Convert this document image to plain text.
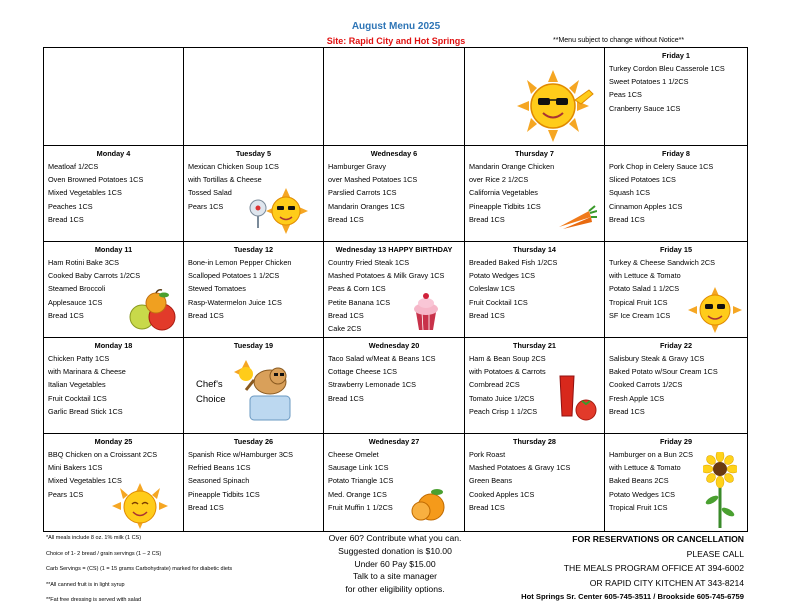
August Menu 2025
Site: Rapid City and Hot Springs	**Menu subject to change without Notice**
Friday 1
Turkey Cordon Bleu Casserole 1CS
Sweet Potatoes 1 1/2CS
Peas 1CS
Cranberry Sauce 1CS
Monday 4
Meatloaf 1/2CS
Oven Browned Potatoes 1CS
Mixed Vegetables 1CS
Peaches 1CS
Bread 1CS
Tuesday 5
Mexican Chicken Soup 1CS
with Tortillas & Cheese
Tossed Salad
Pears 1CS
Wednesday 6
Hamburger Gravy
over Mashed Potatoes 1CS
Parslied Carrots 1CS
Mandarin Oranges 1CS
Bread 1CS
Thursday 7
Mandarin Orange Chicken
over Rice 2 1/2CS
California Vegetables
Pineapple Tidbits 1CS
Bread 1CS
Friday 8
Pork Chop in Celery Sauce 1CS
Sliced Potatoes 1CS
Squash 1CS
Cinnamon Apples 1CS
Bread 1CS
Monday 11
Ham Rotini Bake 3CS
Cooked Baby Carrots 1/2CS
Steamed Broccoli
Applesauce 1CS
Bread 1CS
Tuesday 12
Bone-in Lemon Pepper Chicken
Scalloped Potatoes 1 1/2CS
Stewed Tomatoes
Rasp-Watermelon Juice 1CS
Bread 1CS
Wednesday 13 HAPPY BIRTHDAY
Country Fried Steak 1CS
Mashed Potatoes & Milk Gravy 1CS
Peas & Corn 1CS
Petite Banana 1CS
Bread 1CS
Cake 2CS
Thursday 14
Breaded Baked Fish 1/2CS
Potato Wedges 1CS
Coleslaw 1CS
Fruit Cocktail 1CS
Bread 1CS
Friday 15
Turkey & Cheese Sandwich 2CS
with Lettuce & Tomato
Potato Salad 1 1/2CS
Tropical Fruit 1CS
SF Ice Cream 1CS
Monday 18
Chicken Patty 1CS
with Marinara & Cheese
Italian Vegetables
Fruit Cocktail 1CS
Garlic Bread Stick 1CS
Tuesday 19	Wednesday 20
Taco Salad w/Meat & Beans 1CS
Cottage Cheese 1CS
Strawberry Lemonade 1CS
Bread 1CS
Thursday 21
Ham & Bean Soup 2CS
with Potatoes & Carrots
Cornbread 2CS
Tomato Juice 1/2CS
Peach Crisp 1 1/2CS
Friday 22
Salisbury Steak & Gravy 1CS
Baked Potato w/Sour Cream 1CS
Cooked Carrots 1/2CS
Fresh Apple 1CS
Bread 1CS
Monday 25
BBQ Chicken on a Croissant 2CS
Mini Bakers 1CS
Mixed Vegetables 1CS
Pears 1CS
Tuesday 26
Spanish Rice w/Hamburger 3CS
Refried Beans 1CS
Seasoned Spinach
Pineapple Tidbits 1CS
Bread 1CS
Wednesday 27
Cheese Omelet
Sausage Link 1CS
Potato Triangle 1CS
Med. Orange 1CS
Fruit Muffin 1 1/2CS
Thursday 28
Pork Roast
Mashed Potatoes & Gravy 1CS
Green Beans
Cooked Apples 1CS
Bread 1CS
Friday 29
Hamburger on a Bun 2CS
with Lettuce & Tomato
Baked Beans 2CS
Potato Wedges 1CS
Tropical Fruit 1CS
Chef's
Choice
*All meals include 8 oz. 1% milk (1 CS)
Choice of 1- 2 bread / grain servings (1 – 2 CS)
Carb Servings = (CS) (1 = 15 grams Carbohydrate) marked for diabetic diets
**All canned fruit is in light syrup
**Fat free dressing is served with salad
Over 60? Contribute what you can.
Suggested donation is $10.00
Under 60 Pay $15.00
Talk to a site manager
for other eligibility options.
FOR RESERVATIONS OR CANCELLATION
PLEASE CALL
THE MEALS PROGRAM OFFICE AT 394-6002
OR RAPID CITY KITCHEN AT 343-8214
Hot Springs Sr. Center 605-745-3511 / Brookside 605-745-6759
